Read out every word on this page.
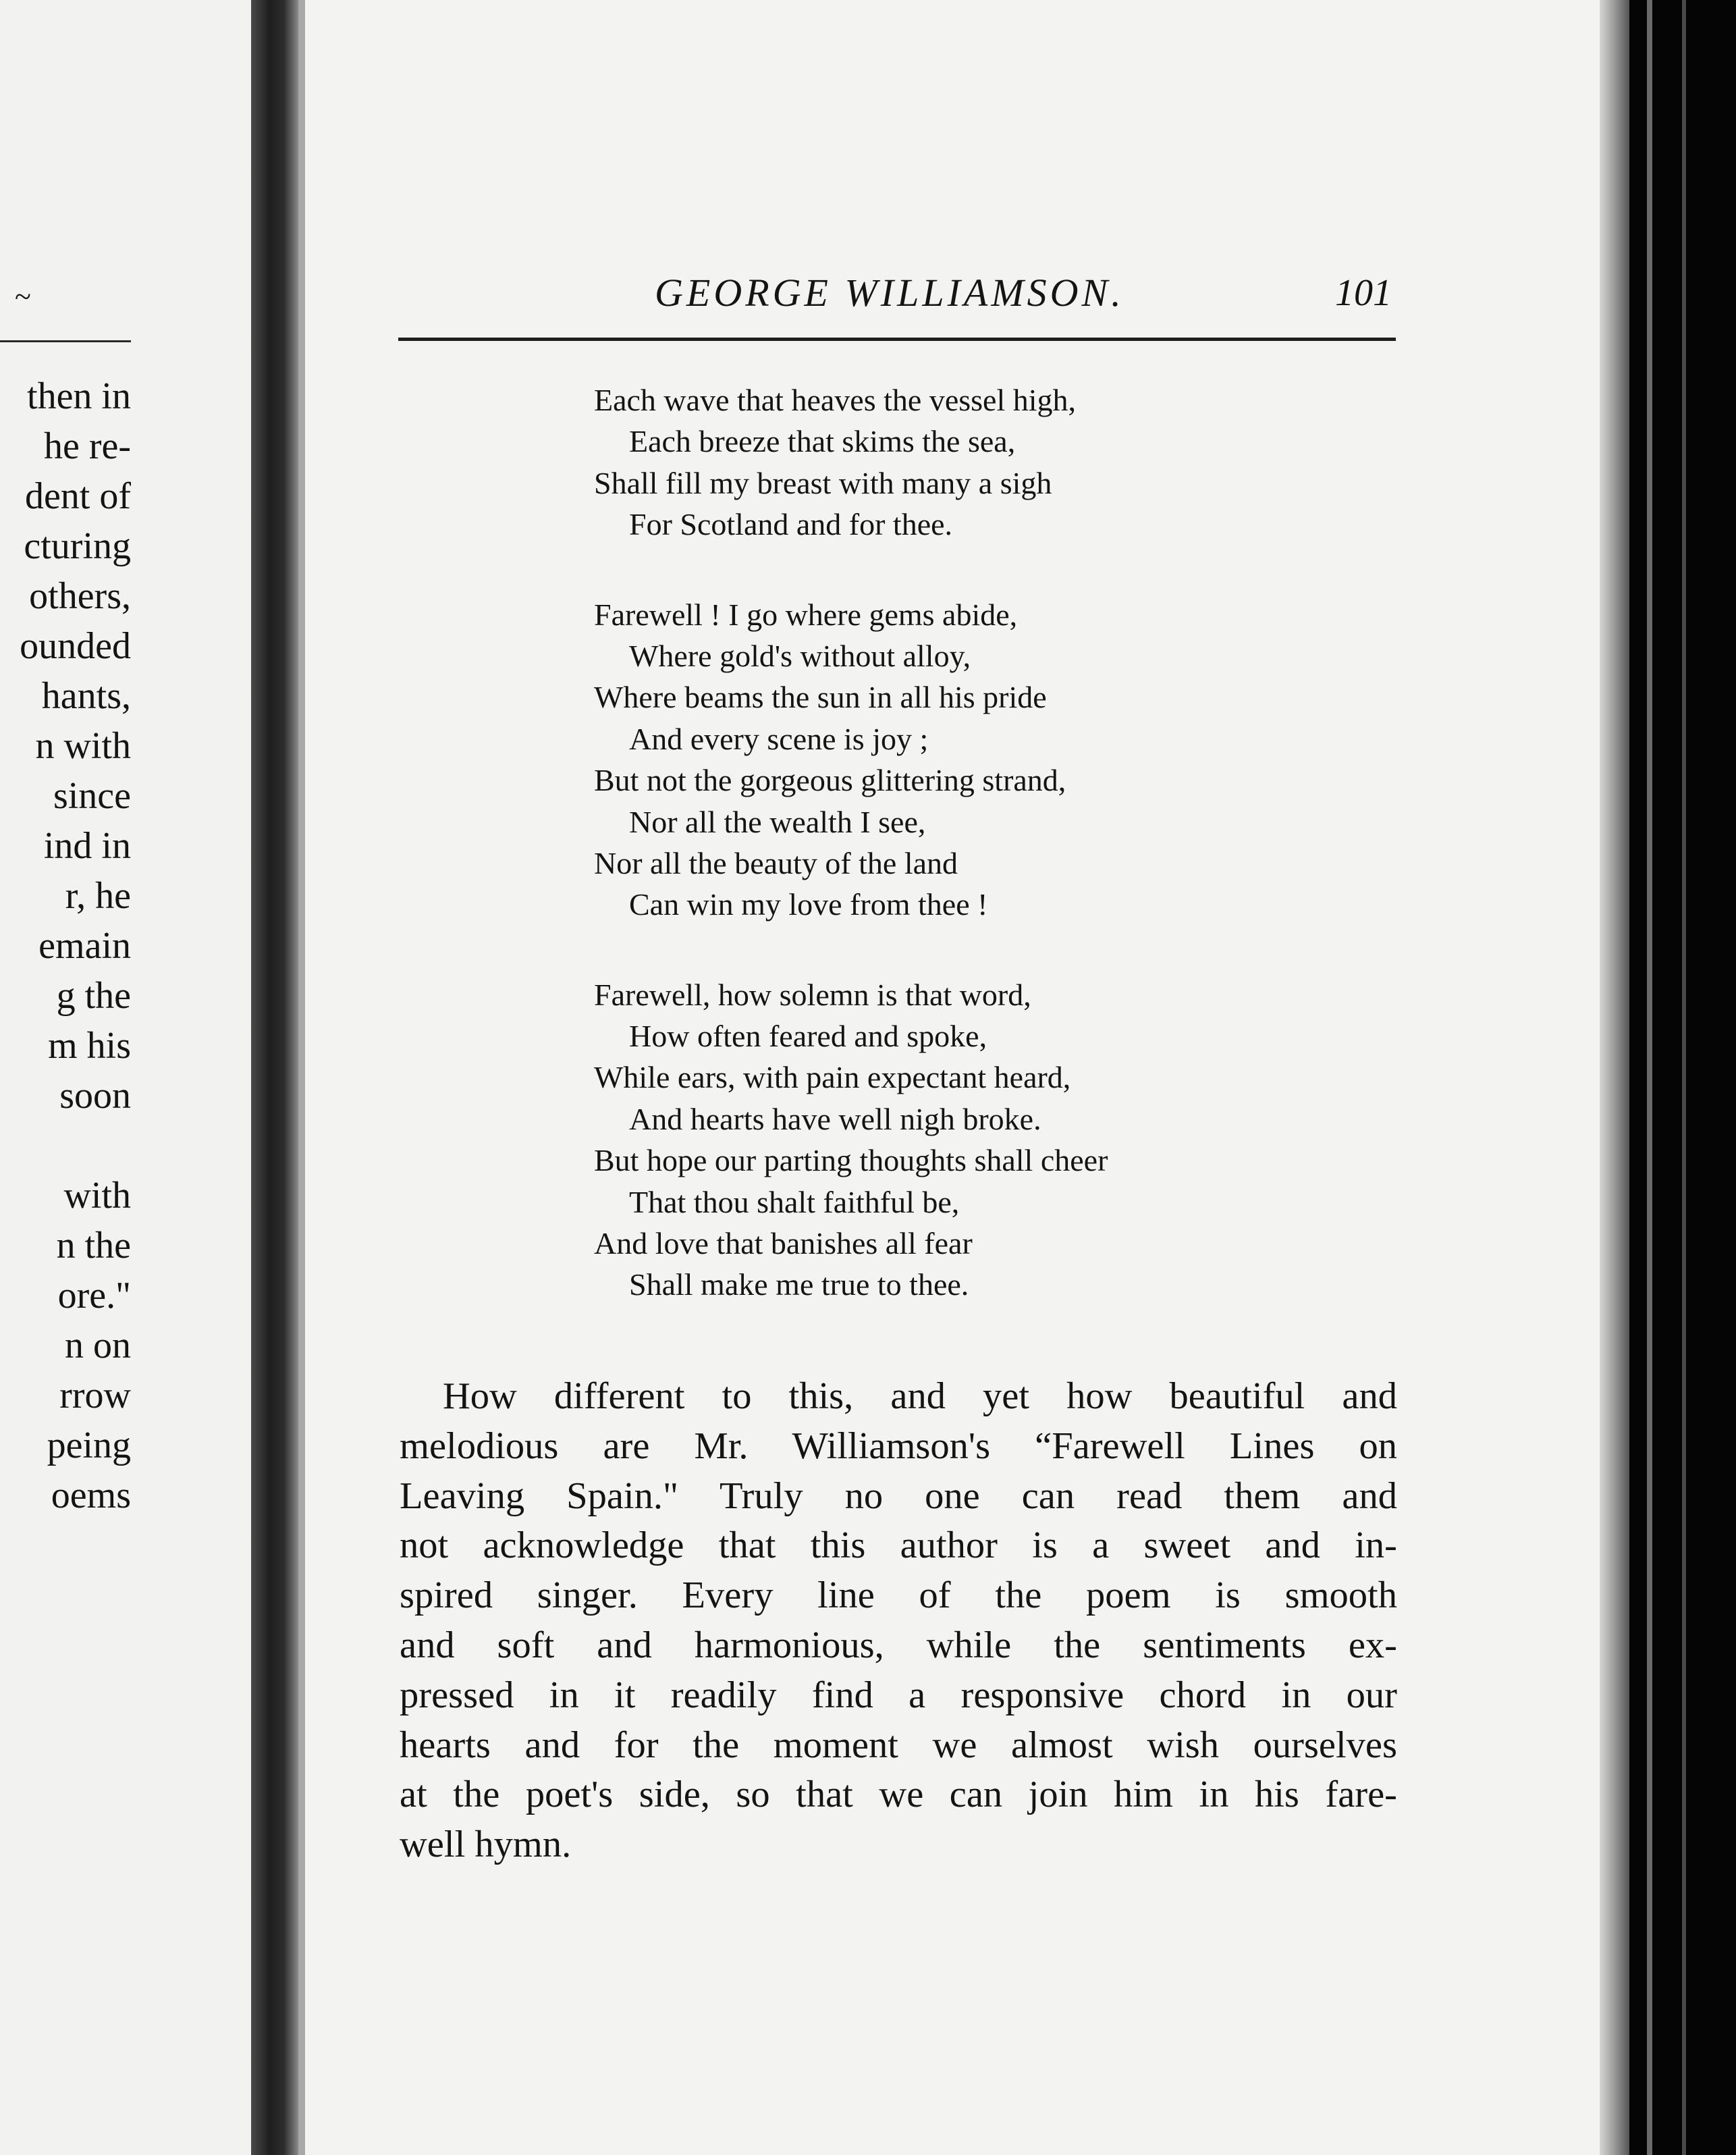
~
then in
he re-
dent of
cturing
others,
ounded
hants,
n with
since
ind in
r, he
emain
g the
m his
soon
with
n the
ore."
n on
rrow
peing
oems
GEORGE WILLIAMSON.	101
Each wave that heaves the vessel high,
Each breeze that skims the sea,
Shall fill my breast with many a sigh
For Scotland and for thee.
Farewell ! I go where gems abide,
Where gold's without alloy,
Where beams the sun in all his pride
And every scene is joy ;
But not the gorgeous glittering strand,
Nor all the wealth I see,
Nor all the beauty of the land
Can win my love from thee !
Farewell, how solemn is that word,
How often feared and spoke,
While ears, with pain expectant heard,
And hearts have well nigh broke.
But hope our parting thoughts shall cheer
That thou shalt faithful be,
And love that banishes all fear
Shall make me true to thee.
How different to this, and yet how beautiful and
melodious are Mr. Williamson's “Farewell Lines on
Leaving Spain." Truly no one can read them and
not acknowledge that this author is a sweet and in-
spired singer. Every line of the poem is smooth
and soft and harmonious, while the sentiments ex-
pressed in it readily find a responsive chord in our
hearts and for the moment we almost wish ourselves
at the poet's side, so that we can join him in his fare-
well hymn.
